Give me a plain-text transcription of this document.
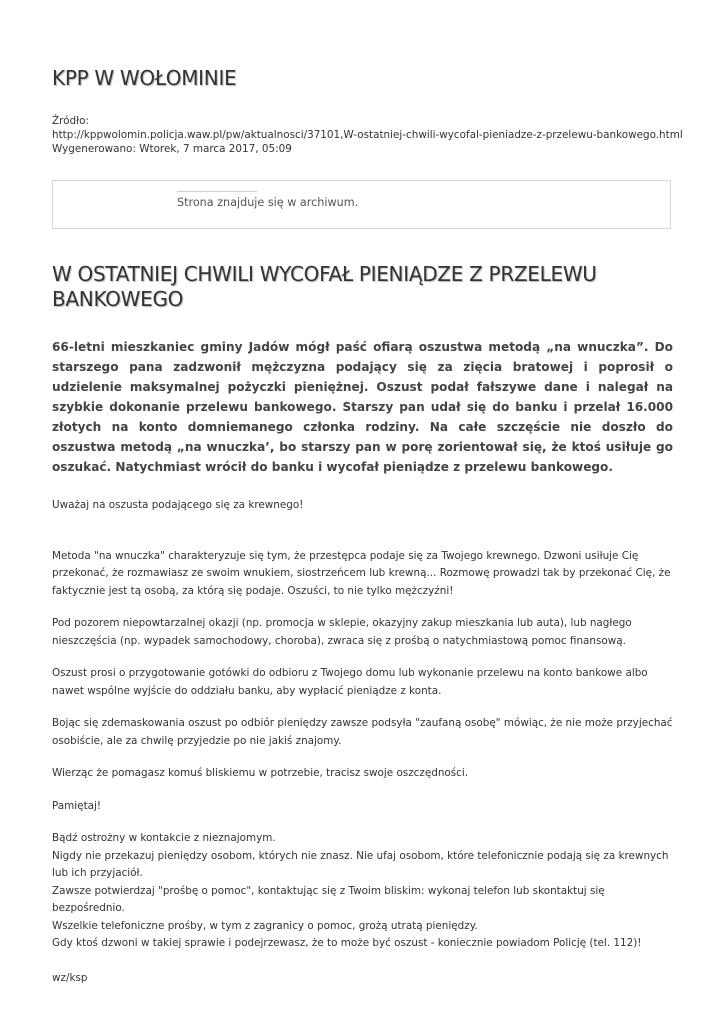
KPP W WOŁOMINIE
Źródło:
http://kppwolomin.policja.waw.pl/pw/aktualnosci/37101,W-ostatniej-chwili-wycofal-pieniadze-z-przelewu-bankowego.html
Wygenerowano: Wtorek, 7 marca 2017, 05:09
Strona znajduje się w archiwum.
W OSTATNIEJ CHWILI WYCOFAŁ PIENIĄDZE Z PRZELEWU BANKOWEGO

66-letni mieszkaniec gminy Jadów mógł paść ofiarą oszustwa metodą „na wnuczka”. Do starszego pana zadzwonił mężczyzna podający się za zięcia bratowej i poprosił o udzielenie maksymalnej pożyczki pieniężnej. Oszust podał fałszywe dane i nalegał na szybkie dokonanie przelewu bankowego. Starszy pan udał się do banku i przelał 16.000 złotych na konto domniemanego członka rodziny. Na całe szczęście nie doszło do oszustwa metodą „na wnuczka’, bo starszy pan w porę zorientował się, że ktoś usiłuje go oszukać. Natychmiast wrócił do banku i wycofał pieniądze z przelewu bankowego.

Uważaj na oszusta podającego się za krewnego!

Metoda "na wnuczka" charakteryzuje się tym, że przestępca podaje się za Twojego krewnego. Dzwoni usiłuje Cię przekonać, że rozmawiasz ze swoim wnukiem, siostrzeńcem lub krewną... Rozmowę prowadzi tak by przekonać Cię, że faktycznie jest tą osobą, za którą się podaje. Oszuści, to nie tylko mężczyźni!

Pod pozorem niepowtarzalnej okazji (np. promocja w sklepie, okazyjny zakup mieszkania lub auta), lub nagłego nieszczęścia (np. wypadek samochodowy, choroba), zwraca się z prośbą o natychmiastową pomoc finansową.

Oszust prosi o przygotowanie gotówki do odbioru z Twojego domu lub wykonanie przelewu na konto bankowe albo nawet wspólne wyjście do oddziału banku, aby wypłacić pieniądze z konta.

Bojąc się zdemaskowania oszust po odbiór pieniędzy zawsze podsyła "zaufaną osobę" mówiąc, że nie może przyjechać osobiście, ale za chwilę przyjedzie po nie jakiś znajomy.

Wierząc że pomagasz komuś bliskiemu w potrzebie, tracisz swoje oszczędności.

Pamiętaj!

Bądź ostrożny w kontakcie z nieznajomym.
Nigdy nie przekazuj pieniędzy osobom, których nie znasz. Nie ufaj osobom, które telefonicznie podają się za krewnych lub ich przyjaciół.
Zawsze potwierdzaj "prośbę o pomoc", kontaktując się z Twoim bliskim: wykonaj telefon lub skontaktuj się bezpośrednio.
Wszelkie telefoniczne prośby, w tym z zagranicy o pomoc, grożą utratą pieniędzy.
Gdy ktoś dzwoni w takiej sprawie i podejrzewasz, że to może być oszust - koniecznie powiadom Policję (tel. 112)!

wz/ksp
